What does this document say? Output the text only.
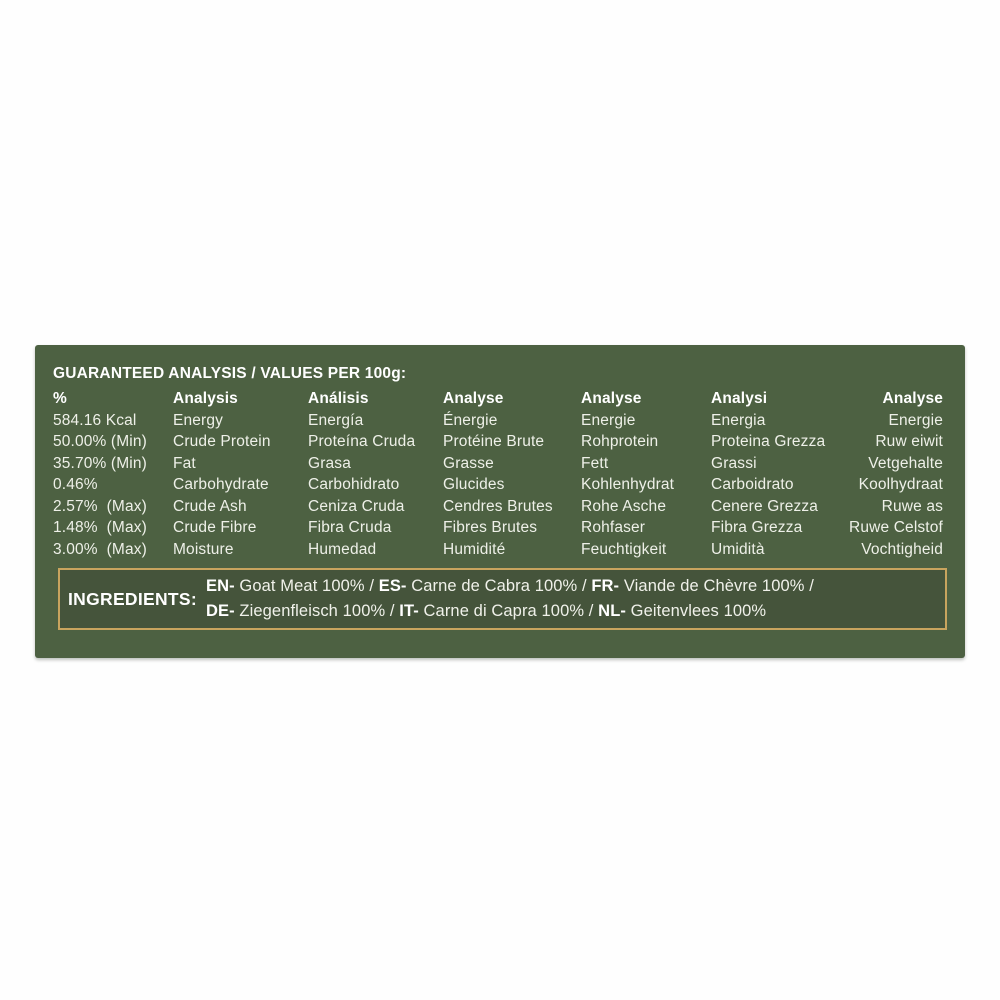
GUARANTEED ANALYSIS / VALUES PER 100g:
%	Analysis	Análisis	Analyse	Analyse	Analysi	Analyse
584.16 Kcal	Energy	Energía	Énergie	Energie	Energia	Energie
50.00% (Min)	Crude Protein	Proteína Cruda	Protéine Brute	Rohprotein	Proteina Grezza	Ruw eiwit
35.70% (Min)	Fat	Grasa	Grasse	Fett	Grassi	Vetgehalte
0.46%	Carbohydrate	Carbohidrato	Glucides	Kohlenhydrat	Carboidrato	Koolhydraat
2.57%  (Max)	Crude Ash	Ceniza Cruda	Cendres Brutes	Rohe Asche	Cenere Grezza	Ruwe as
1.48%  (Max)	Crude Fibre	Fibra Cruda	Fibres Brutes	Rohfaser	Fibra Grezza	Ruwe Celstof
3.00%  (Max)	Moisture	Humedad	Humidité	Feuchtigkeit	Umidità	Vochtigheid
INGREDIENTS:
EN- Goat Meat 100% / ES- Carne de Cabra 100% / FR- Viande de Chèvre 100% /
DE- Ziegenfleisch 100% / IT- Carne di Capra 100% / NL- Geitenvlees 100%
